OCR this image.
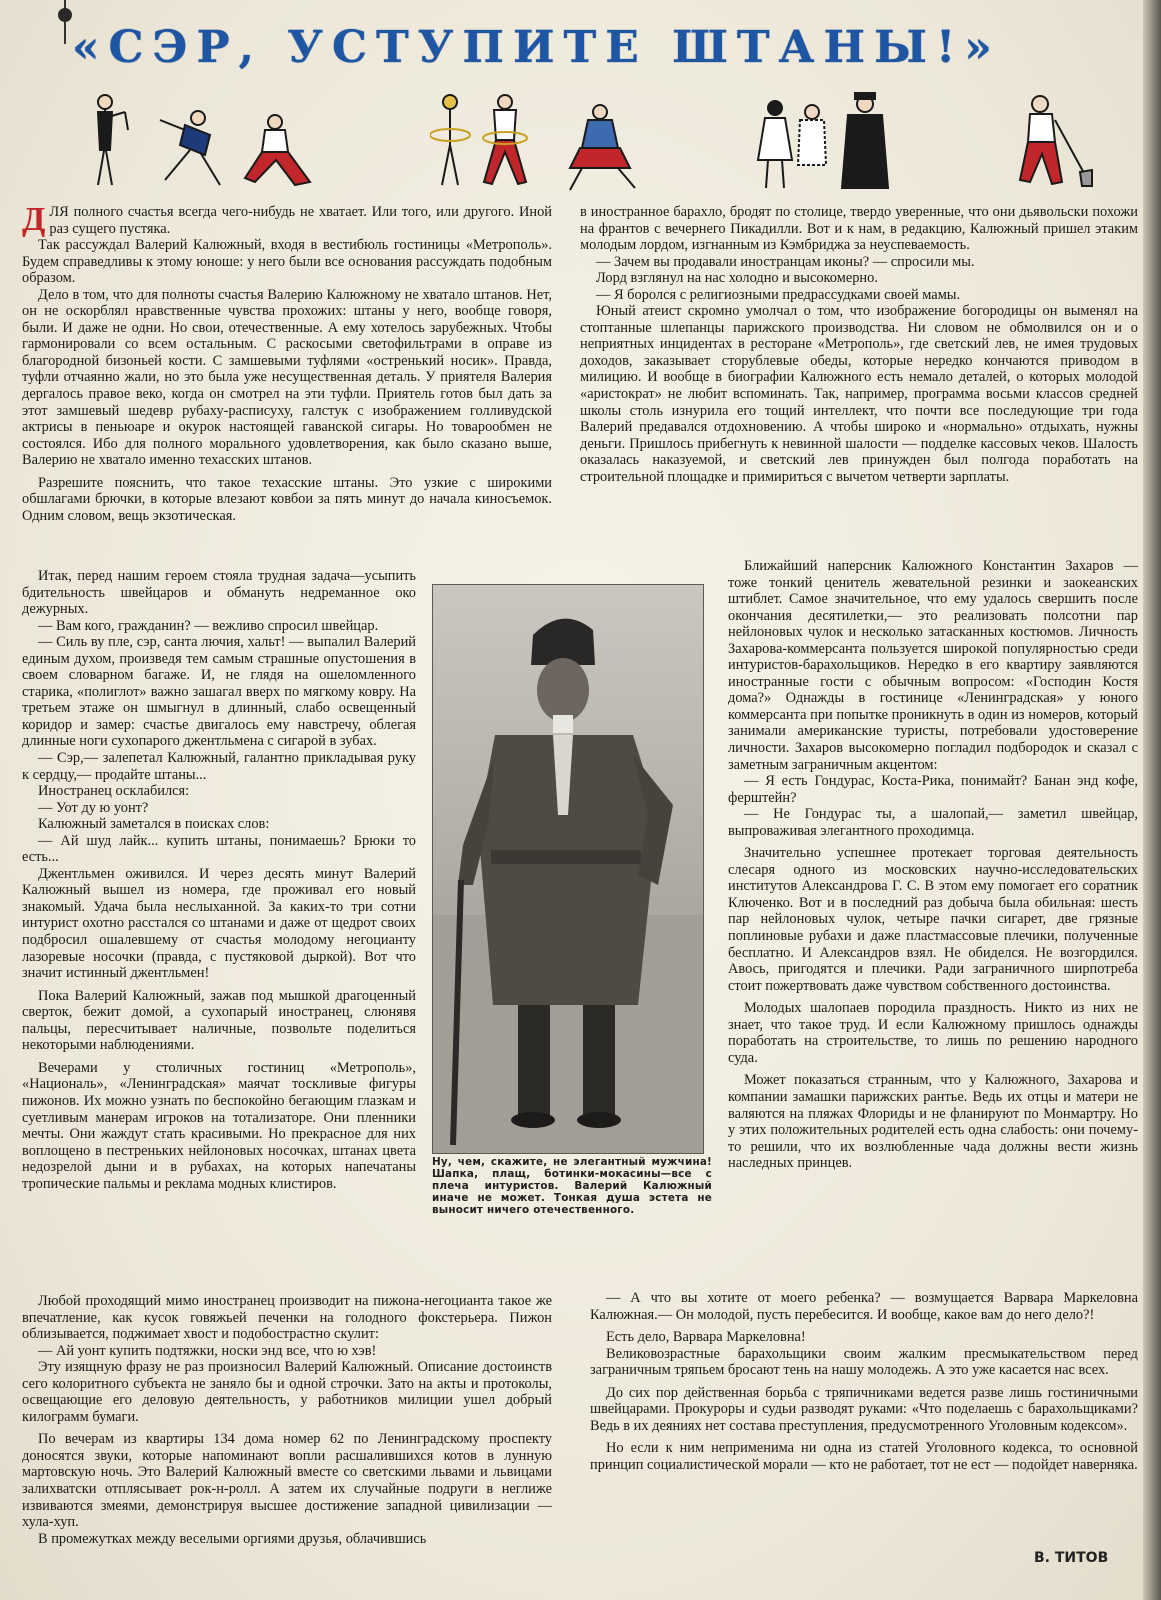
«СЭР, УСТУПИТЕ ШТАНЫ!»

ДЛЯ полного счастья всегда чего-нибудь не хватает. Или того, или другого. Иной раз сущего пустяка.

Так рассуждал Валерий Калюжный, входя в вестибюль гостиницы «Метрополь». Будем справедливы к этому юноше: у него были все основания рассуждать подобным образом.

Дело в том, что для полноты счастья Валерию Калюжному не хватало штанов. Нет, он не оскорблял нравственные чувства прохожих: штаны у него, вообще говоря, были. И даже не одни. Но свои, отечественные. А ему хотелось зарубежных. Чтобы гармонировали со всем остальным. С раскосыми светофильтрами в оправе из благородной бизоньей кости. С замшевыми туфлями «остренький носик». Правда, туфли отчаянно жали, но это была уже несущественная деталь. У приятеля Валерия дергалось правое веко, когда он смотрел на эти туфли. Приятель готов был дать за этот замшевый шедевр рубаху-расписуху, галстук с изображением голливудской актрисы в пеньюаре и окурок настоящей гаванской сигары. Но товарообмен не состоялся. Ибо для полного морального удовлетворения, как было сказано выше, Валерию не хватало именно техасских штанов.

Разрешите пояснить, что такое техасские штаны. Это узкие с широкими обшлагами брючки, в которые влезают ковбои за пять минут до начала киносъемок. Одним словом, вещь экзотическая.

Итак, перед нашим героем стояла трудная задача—усыпить бдительность швейцаров и обмануть недреманное око дежурных.

— Вам кого, гражданин? — вежливо спросил швейцар.

— Силь ву пле, сэр, санта лючия, хальт! — выпалил Валерий единым духом, произведя тем самым страшные опустошения в своем словарном багаже. И, не глядя на ошеломленного старика, «полиглот» важно зашагал вверх по мягкому ковру. На третьем этаже он шмыгнул в длинный, слабо освещенный коридор и замер: счастье двигалось ему навстречу, облегая длинные ноги сухопарого джентльмена с сигарой в зубах.

— Сэр,— залепетал Калюжный, галантно прикладывая руку к сердцу,— продайте штаны...

Иностранец осклабился:

— Уот ду ю уонт?

Калюжный заметался в поисках слов:

— Ай шуд лайк... купить штаны, понимаешь? Брюки то есть...

Джентльмен оживился. И через десять минут Валерий Калюжный вышел из номера, где проживал его новый знакомый. Удача была неслыханной. За каких-то три сотни интурист охотно расстался со штанами и даже от щедрот своих подбросил ошалевшему от счастья молодому негоцианту лазоревые носочки (правда, с пустяковой дыркой). Вот что значит истинный джентльмен!

Пока Валерий Калюжный, зажав под мышкой драгоценный сверток, бежит домой, а сухопарый иностранец, слюнявя пальцы, пересчитывает наличные, позвольте поделиться некоторыми наблюдениями.

Вечерами у столичных гостиниц «Метрополь», «Националь», «Ленинградская» маячат тоскливые фигуры пижонов. Их можно узнать по беспокойно бегающим глазкам и суетливым манерам игроков на тотализаторе. Они пленники мечты. Они жаждут стать красивыми. Но прекрасное для них воплощено в пестреньких нейлоновых носочках, штанах цвета недозрелой дыни и в рубахах, на которых напечатаны тропические пальмы и реклама модных клистиров.

Любой проходящий мимо иностранец производит на пижона-негоцианта такое же впечатление, как кусок говяжьей печенки на голодного фокстерьера. Пижон облизывается, поджимает хвост и подобострастно скулит:

— Ай уонт купить подтяжки, носки энд все, что ю хэв!

Эту изящную фразу не раз произносил Валерий Калюжный. Описание достоинств сего колоритного субъекта не заняло бы и одной строчки. Зато на акты и протоколы, освещающие его деловую деятельность, у работников милиции ушел добрый килограмм бумаги.

По вечерам из квартиры 134 дома номер 62 по Ленинградскому проспекту доносятся звуки, которые напоминают вопли расшалившихся котов в лунную мартовскую ночь. Это Валерий Калюжный вместе со светскими львами и львицами залихватски отплясывает рок-н-ролл. А затем их случайные подруги в неглиже извиваются змеями, демонстрируя высшее достижение западной цивилизации — хула-хуп.

В промежутках между веселыми оргиями друзья, облачившись

в иностранное барахло, бродят по столице, твердо уверенные, что они дьявольски похожи на франтов с вечернего Пикадилли. Вот и к нам, в редакцию, Калюжный пришел этаким молодым лордом, изгнанным из Кэмбриджа за неуспеваемость.

— Зачем вы продавали иностранцам иконы? — спросили мы.

Лорд взглянул на нас холодно и высокомерно.

— Я боролся с религиозными предрассудками своей мамы.

Юный атеист скромно умолчал о том, что изображение богородицы он выменял на стоптанные шлепанцы парижского производства. Ни словом не обмолвился он и о неприятных инцидентах в ресторане «Метрополь», где светский лев, не имея трудовых доходов, заказывает сторублевые обеды, которые нередко кончаются приводом в милицию. И вообще в биографии Калюжного есть немало деталей, о которых молодой «аристократ» не любит вспоминать. Так, например, программа восьми классов средней школы столь изнурила его тощий интеллект, что почти все последующие три года Валерий предавался отдохновению. А чтобы широко и «нормально» отдыхать, нужны деньги. Пришлось прибегнуть к невинной шалости — подделке кассовых чеков. Шалость оказалась наказуемой, и светский лев принужден был полгода поработать на строительной площадке и примириться с вычетом четверти зарплаты.

Ближайший наперсник Калюжного Константин Захаров — тоже тонкий ценитель жевательной резинки и заокеанских штиблет. Самое значительное, что ему удалось свершить после окончания десятилетки,— это реализовать полсотни пар нейлоновых чулок и несколько затасканных костюмов. Личность Захарова-коммерсанта пользуется широкой популярностью среди интуристов-барахольщиков. Нередко в его квартиру заявляются иностранные гости с обычным вопросом: «Господин Костя дома?» Однажды в гостинице «Ленинградская» у юного коммерсанта при попытке проникнуть в один из номеров, который занимали американские туристы, потребовали удостоверение личности. Захаров высокомерно погладил подбородок и сказал с заметным заграничным акцентом:

— Я есть Гондурас, Коста-Рика, понимайт? Банан энд кофе, ферштейн?

— Не Гондурас ты, а шалопай,— заметил швейцар, выпроваживая элегантного проходимца.

Значительно успешнее протекает торговая деятельность слесаря одного из московских научно-исследовательских институтов Александрова Г. С. В этом ему помогает его соратник Ключенко. Вот и в последний раз добыча была обильная: шесть пар нейлоновых чулок, четыре пачки сигарет, две грязные поплиновые рубахи и даже пластмассовые плечики, полученные бесплатно. И Александров взял. Не обиделся. Не возгордился. Авось, пригодятся и плечики. Ради заграничного ширпотреба стоит пожертвовать даже чувством собственного достоинства.

Молодых шалопаев породила праздность. Никто из них не знает, что такое труд. И если Калюжному пришлось однажды поработать на строительстве, то лишь по решению народного суда.

Может показаться странным, что у Калюжного, Захарова и компании замашки парижских рантье. Ведь их отцы и матери не валяются на пляжах Флориды и не фланируют по Монмартру. Но у этих положительных родителей есть одна слабость: они почему-то решили, что их возлюбленные чада должны вести жизнь наследных принцев.

— А что вы хотите от моего ребенка? — возмущается Варвара Маркеловна Калюжная.— Он молодой, пусть перебесится. И вообще, какое вам до него дело?!

Есть дело, Варвара Маркеловна!

Великовозрастные барахольщики своим жалким пресмыкательством перед заграничным тряпьем бросают тень на нашу молодежь. А это уже касается нас всех.

До сих пор действенная борьба с тряпичниками ведется разве лишь гостиничными швейцарами. Прокуроры и судьи разводят руками: «Что поделаешь с барахольщиками? Ведь в их деяниях нет состава преступления, предусмотренного Уголовным кодексом».

Но если к ним неприменима ни одна из статей Уголовного кодекса, то основной принцип социалистической морали — кто не работает, тот не ест — подойдет наверняка.

Ну, чем, скажите, не элегантный мужчина! Шапка, плащ, ботинки-мокасины—все с плеча интуристов. Валерий Калюжный иначе не может. Тонкая душа эстета не выносит ничего отечественного.
В. ТИТОВ
